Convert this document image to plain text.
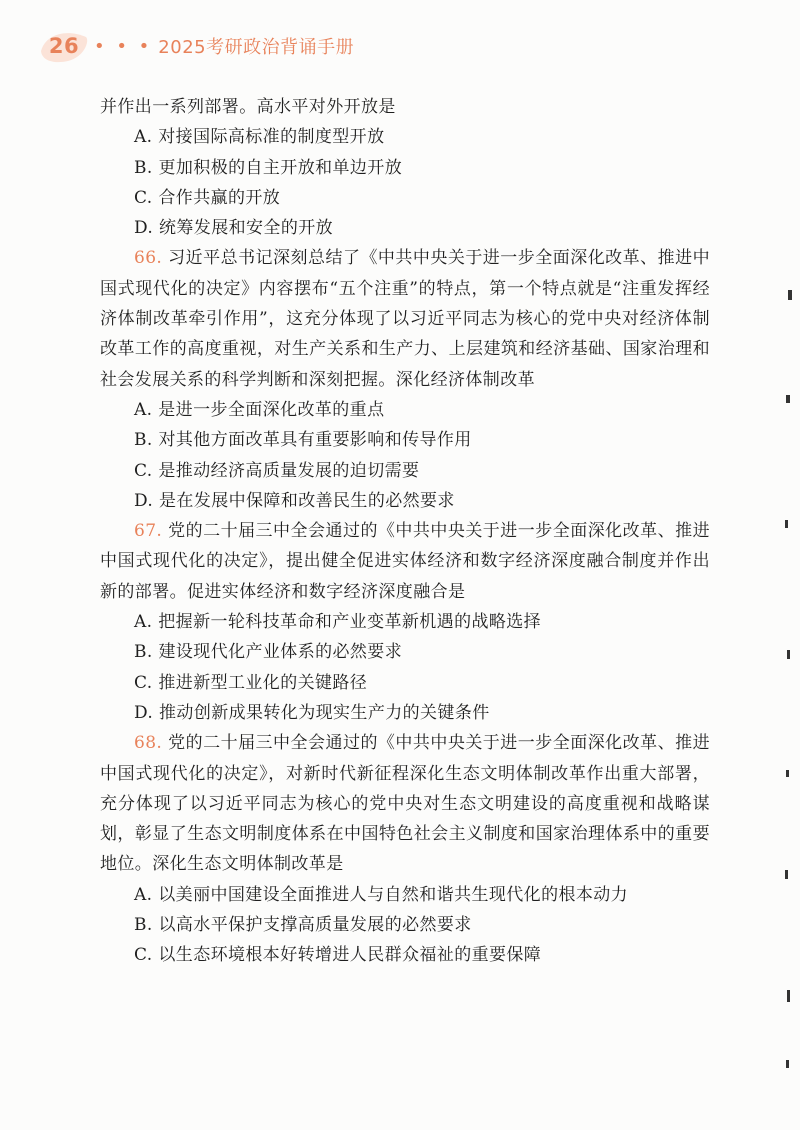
26 • • • 2025考研政治背诵手册

并作出一系列部署。高水平对外开放是

A. 对接国际高标准的制度型开放

B. 更加积极的自主开放和单边开放

C. 合作共赢的开放

D. 统筹发展和安全的开放

66. 习近平总书记深刻总结了《中共中央关于进一步全面深化改革、推进中国式现代化的决定》内容摆布“五个注重”的特点，第一个特点就是“注重发挥经济体制改革牵引作用”，这充分体现了以习近平同志为核心的党中央对经济体制改革工作的高度重视，对生产关系和生产力、上层建筑和经济基础、国家治理和社会发展关系的科学判断和深刻把握。深化经济体制改革

A. 是进一步全面深化改革的重点

B. 对其他方面改革具有重要影响和传导作用

C. 是推动经济高质量发展的迫切需要

D. 是在发展中保障和改善民生的必然要求

67. 党的二十届三中全会通过的《中共中央关于进一步全面深化改革、推进中国式现代化的决定》，提出健全促进实体经济和数字经济深度融合制度并作出新的部署。促进实体经济和数字经济深度融合是

A. 把握新一轮科技革命和产业变革新机遇的战略选择

B. 建设现代化产业体系的必然要求

C. 推进新型工业化的关键路径

D. 推动创新成果转化为现实生产力的关键条件

68. 党的二十届三中全会通过的《中共中央关于进一步全面深化改革、推进中国式现代化的决定》，对新时代新征程深化生态文明体制改革作出重大部署，充分体现了以习近平同志为核心的党中央对生态文明建设的高度重视和战略谋划，彰显了生态文明制度体系在中国特色社会主义制度和国家治理体系中的重要地位。深化生态文明体制改革是

A. 以美丽中国建设全面推进人与自然和谐共生现代化的根本动力

B. 以高水平保护支撑高质量发展的必然要求

C. 以生态环境根本好转增进人民群众福祉的重要保障
